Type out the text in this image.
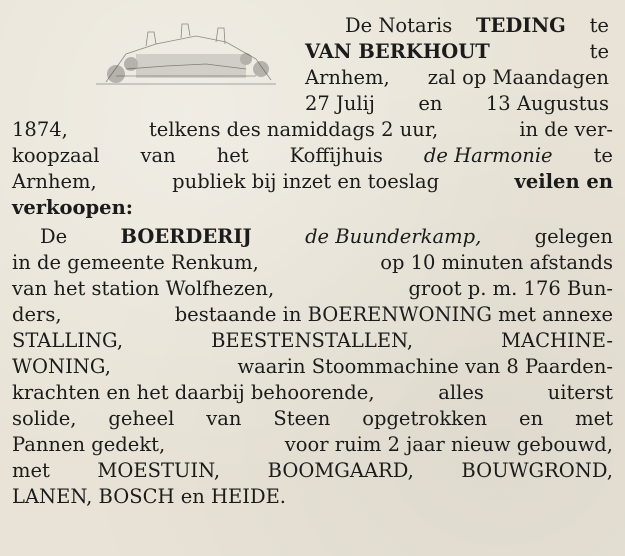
De Notaris TEDING te
VAN BERKHOUT	te
Arnhem, zal op Maandagen
27 Julij en 13 Augustus
1874,	telkens des namiddags 2 uur,	in de ver-
koopzaal van het Koffijhuis de Harmonie te
Arnhem,	publiek bij inzet en toeslag	veilen en
verkoopen:
De	BOERDERIJ	de Buunderkamp,	gelegen
in de gemeente Renkum,	op 10 minuten afstands
van het station Wolfhezen,	groot p. m. 176 Bun-
ders,	bestaande in BOERENWONING met annexe
STALLING,	BEESTENSTALLEN,	MACHINE-
WONING,	waarin Stoommachine van 8 Paarden-
krachten en het daarbij behoorende,	alles	uiterst
solide, geheel van Steen opgetrokken en met
Pannen gedekt,	voor ruim 2 jaar nieuw gebouwd,
met MOESTUIN, BOOMGAARD, BOUWGROND,
LANEN, BOSCH en HEIDE.
